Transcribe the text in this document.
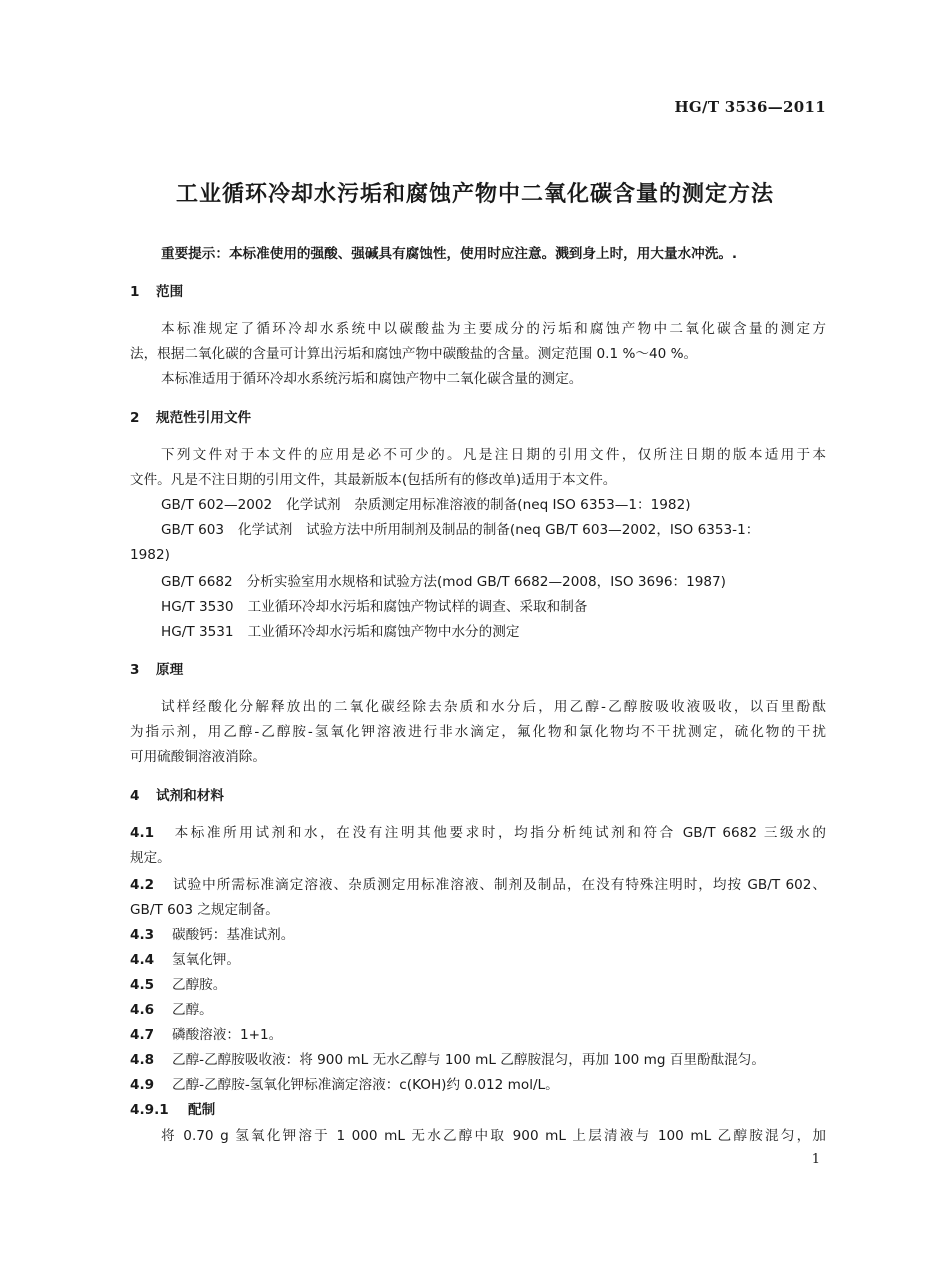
HG/T 3536—2011
工业循环冷却水污垢和腐蚀产物中二氧化碳含量的测定方法
重要提示：本标准使用的强酸、强碱具有腐蚀性，使用时应注意。溅到身上时，用大量水冲洗。.
1 范围
本标准规定了循环冷却水系统中以碳酸盐为主要成分的污垢和腐蚀产物中二氧化碳含量的测定方
法，根据二氧化碳的含量可计算出污垢和腐蚀产物中碳酸盐的含量。测定范围 0.1 %～40 %。
本标准适用于循环冷却水系统污垢和腐蚀产物中二氧化碳含量的测定。
2 规范性引用文件
下列文件对于本文件的应用是必不可少的。凡是注日期的引用文件，仅所注日期的版本适用于本
文件。凡是不注日期的引用文件，其最新版本(包括所有的修改单)适用于本文件。
GB/T 602—2002 化学试剂　杂质测定用标准溶液的制备(neq ISO 6353—1：1982)
GB/T 603 化学试剂　试验方法中所用制剂及制品的制备(neq GB/T 603—2002，ISO 6353-1：
1982)
GB/T 6682 分析实验室用水规格和试验方法(mod GB/T 6682—2008，ISO 3696：1987)
HG/T 3530 工业循环冷却水污垢和腐蚀产物试样的调查、采取和制备
HG/T 3531 工业循环冷却水污垢和腐蚀产物中水分的测定
3 原理
试样经酸化分解释放出的二氧化碳经除去杂质和水分后，用乙醇-乙醇胺吸收液吸收，以百里酚酞
为指示剂，用乙醇-乙醇胺-氢氧化钾溶液进行非水滴定，氟化物和氯化物均不干扰测定，硫化物的干扰
可用硫酸铜溶液消除。
4 试剂和材料
4.1 本标准所用试剂和水，在没有注明其他要求时，均指分析纯试剂和符合 GB/T 6682 三级水的
规定。
4.2 试验中所需标准滴定溶液、杂质测定用标准溶液、制剂及制品，在没有特殊注明时，均按 GB/T 602、
GB/T 603 之规定制备。
4.3 碳酸钙：基准试剂。
4.4 氢氧化钾。
4.5 乙醇胺。
4.6 乙醇。
4.7 磷酸溶液：1+1。
4.8 乙醇-乙醇胺吸收液：将 900 mL 无水乙醇与 100 mL 乙醇胺混匀，再加 100 mg 百里酚酞混匀。
4.9 乙醇-乙醇胺-氢氧化钾标准滴定溶液：c(KOH)约 0.012 mol/L。
4.9.1 配制
将 0.70 g 氢氧化钾溶于 1 000 mL 无水乙醇中取 900 mL 上层清液与 100 mL 乙醇胺混匀，加
1
